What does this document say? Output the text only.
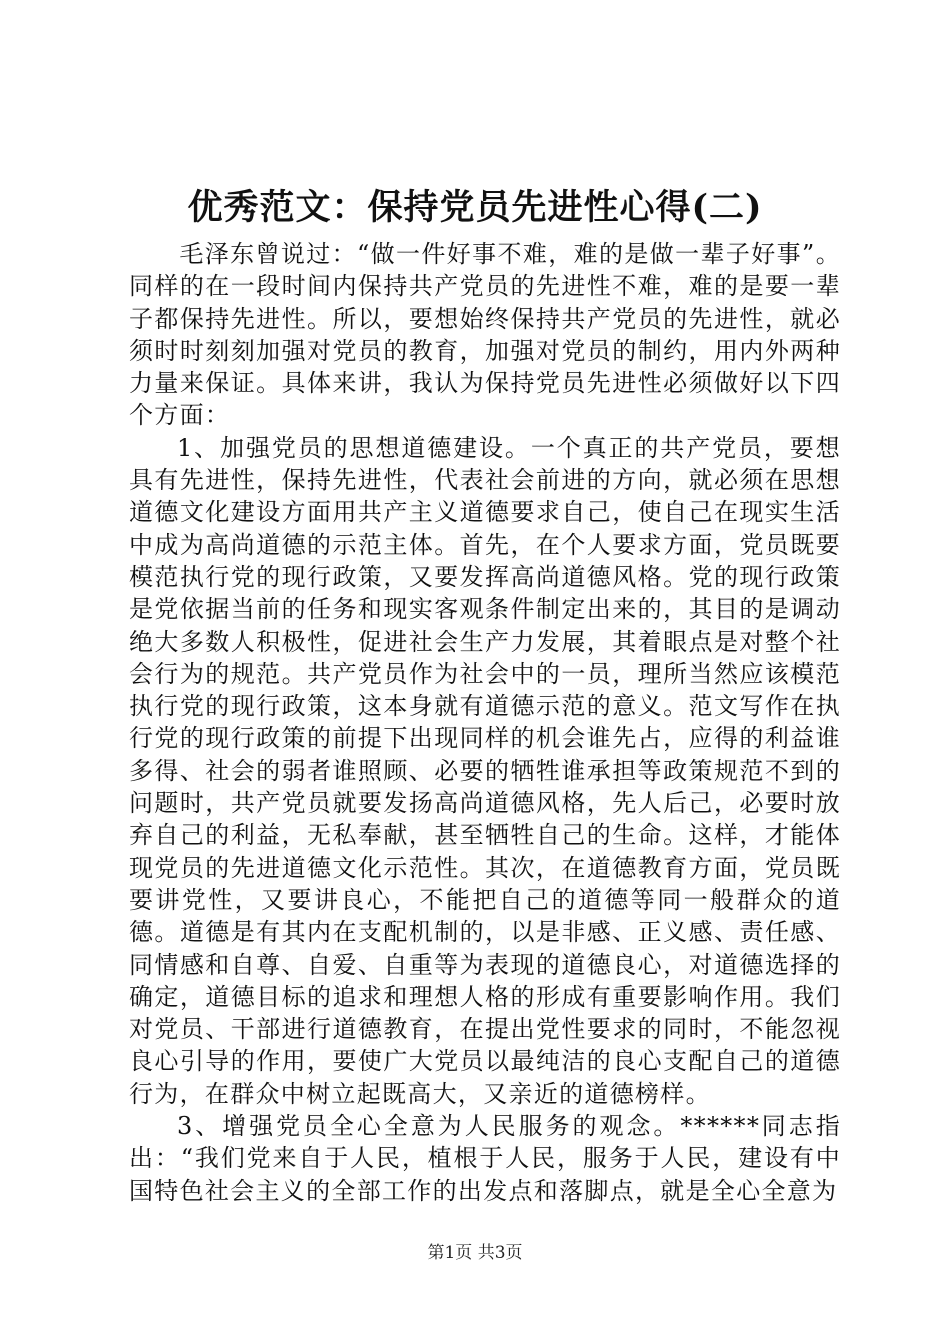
优秀范文：保持党员先进性心得(二)

毛泽东曾说过：“做一件好事不难，难的是做一辈子好事”。同样的在一段时间内保持共产党员的先进性不难，难的是要一辈子都保持先进性。所以，要想始终保持共产党员的先进性，就必须时时刻刻加强对党员的教育，加强对党员的制约，用内外两种力量来保证。具体来讲，我认为保持党员先进性必须做好以下四个方面：

1、加强党员的思想道德建设。一个真正的共产党员，要想具有先进性，保持先进性，代表社会前进的方向，就必须在思想道德文化建设方面用共产主义道德要求自己，使自己在现实生活中成为高尚道德的示范主体。首先，在个人要求方面，党员既要模范执行党的现行政策，又要发挥高尚道德风格。党的现行政策是党依据当前的任务和现实客观条件制定出来的，其目的是调动绝大多数人积极性，促进社会生产力发展，其着眼点是对整个社会行为的规范。共产党员作为社会中的一员，理所当然应该模范执行党的现行政策，这本身就有道德示范的意义。范文写作在执行党的现行政策的前提下出现同样的机会谁先占，应得的利益谁多得、社会的弱者谁照顾、必要的牺牲谁承担等政策规范不到的问题时，共产党员就要发扬高尚道德风格，先人后己，必要时放弃自己的利益，无私奉献，甚至牺牲自己的生命。这样，才能体现党员的先进道德文化示范性。其次，在道德教育方面，党员既要讲党性，又要讲良心，不能把自己的道德等同一般群众的道德。道德是有其内在支配机制的，以是非感、正义感、责任感、同情感和自尊、自爱、自重等为表现的道德良心，对道德选择的确定，道德目标的追求和理想人格的形成有重要影响作用。我们对党员、干部进行道德教育，在提出党性要求的同时，不能忽视良心引导的作用，要使广大党员以最纯洁的良心支配自己的道德行为，在群众中树立起既高大，又亲近的道德榜样。

3、增强党员全心全意为人民服务的观念。******同志指出：“我们党来自于人民，植根于人民，服务于人民，建设有中国特色社会主义的全部工作的出发点和落脚点，就是全心全意为

第1页 共3页
